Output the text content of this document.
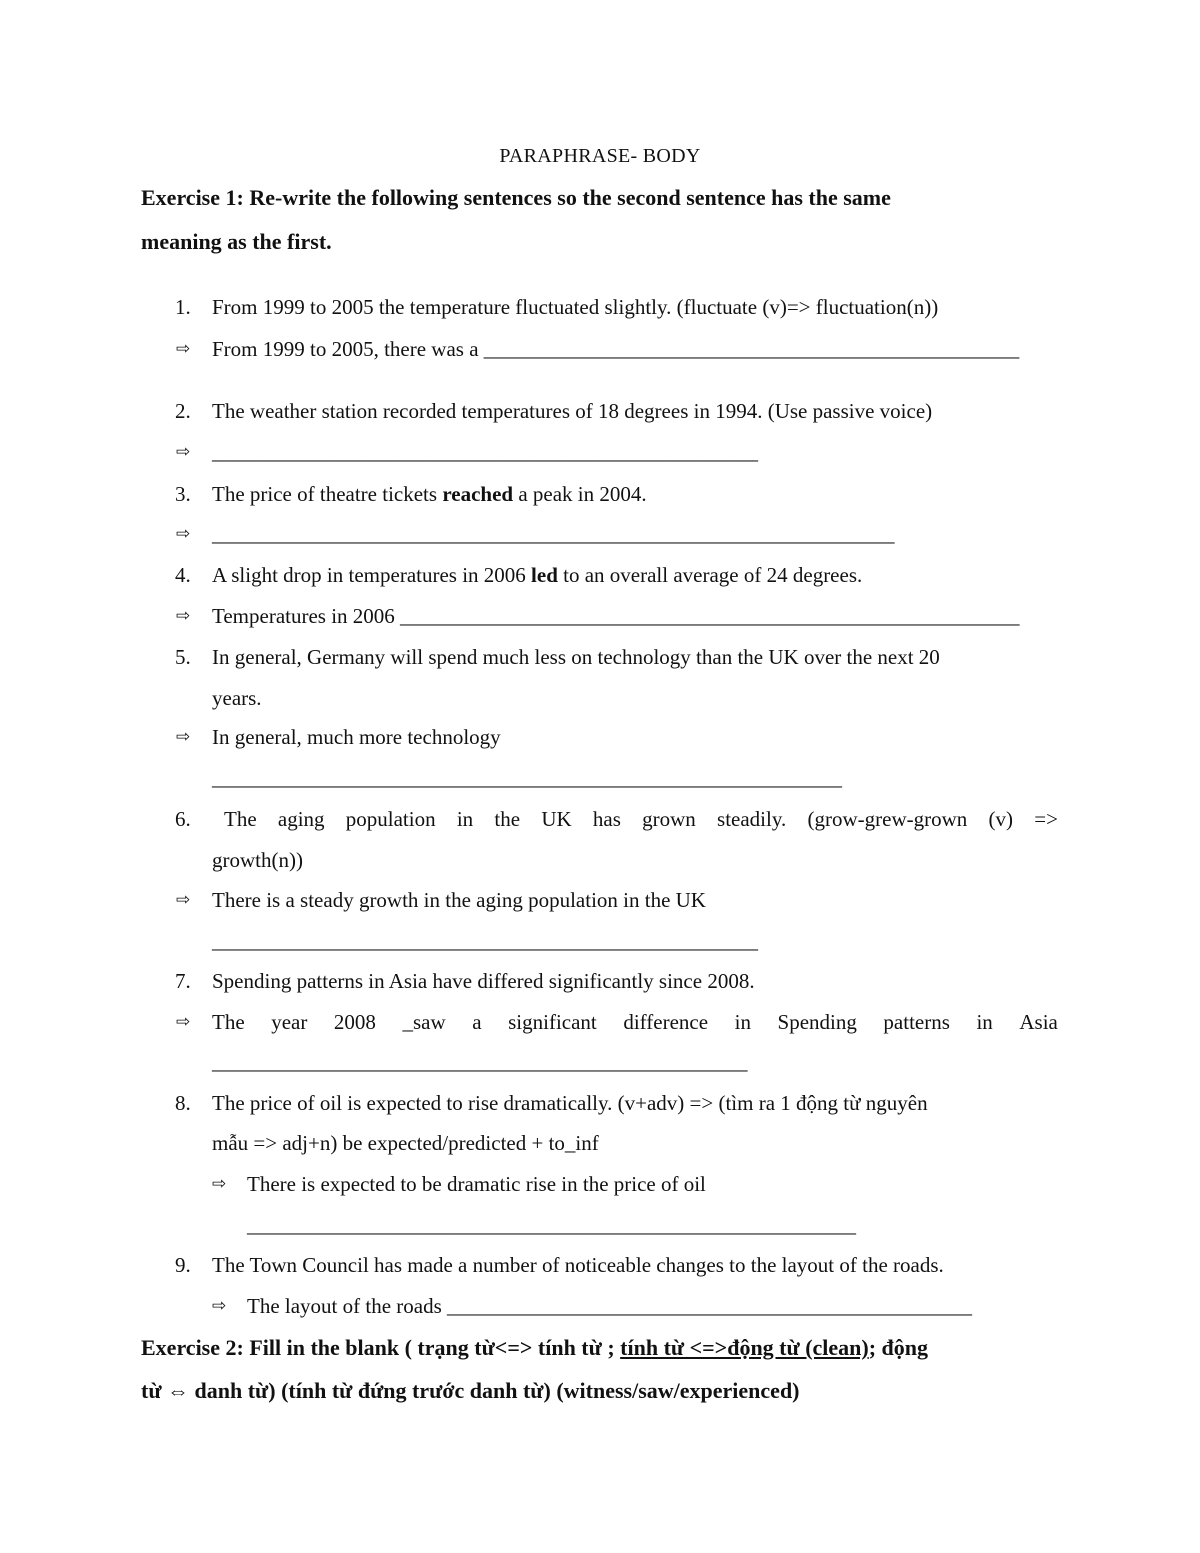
PARAPHRASE- BODY
Exercise 1: Re-write the following sentences so the second sentence has the same
meaning as the first.
1. From 1999 to 2005 the temperature fluctuated slightly. (fluctuate (v)=> fluctuation(n))
⇨ From 1999 to 2005, there was a ___________________________________________________
2. The weather station recorded temperatures of 18 degrees in 1994. (Use passive voice)
⇨ ____________________________________________________
3. The price of theatre tickets reached a peak in 2004.
⇨ _________________________________________________________________
4. A slight drop in temperatures in 2006 led to an overall average of 24 degrees.
⇨ Temperatures in 2006 ___________________________________________________________
5. In general, Germany will spend much less on technology than the UK over the next 20
years.
⇨ In general, much more technology
____________________________________________________________
6.	The aging population in the UK has grown steadily. (grow-grew-grown (v) =>
growth(n))
⇨ There is a steady growth in the aging population in the UK
____________________________________________________
7. Spending patterns in Asia have differed significantly since 2008.
⇨ The year 2008 _saw a significant difference in Spending patterns in Asia
___________________________________________________
8. The price of oil is expected to rise dramatically. (v+adv) => (tìm ra 1 động từ nguyên
mẫu => adj+n) be expected/predicted + to_inf
⇨ There is expected to be dramatic rise in the price of oil
__________________________________________________________
9. The Town Council has made a number of noticeable changes to the layout of the roads.
⇨ The layout of the roads __________________________________________________
Exercise 2: Fill in the blank ( trạng từ<=> tính từ ; tính từ <=>động từ (clean); động
từ ⇔ danh từ) (tính từ đứng trước danh từ) (witness/saw/experienced)
